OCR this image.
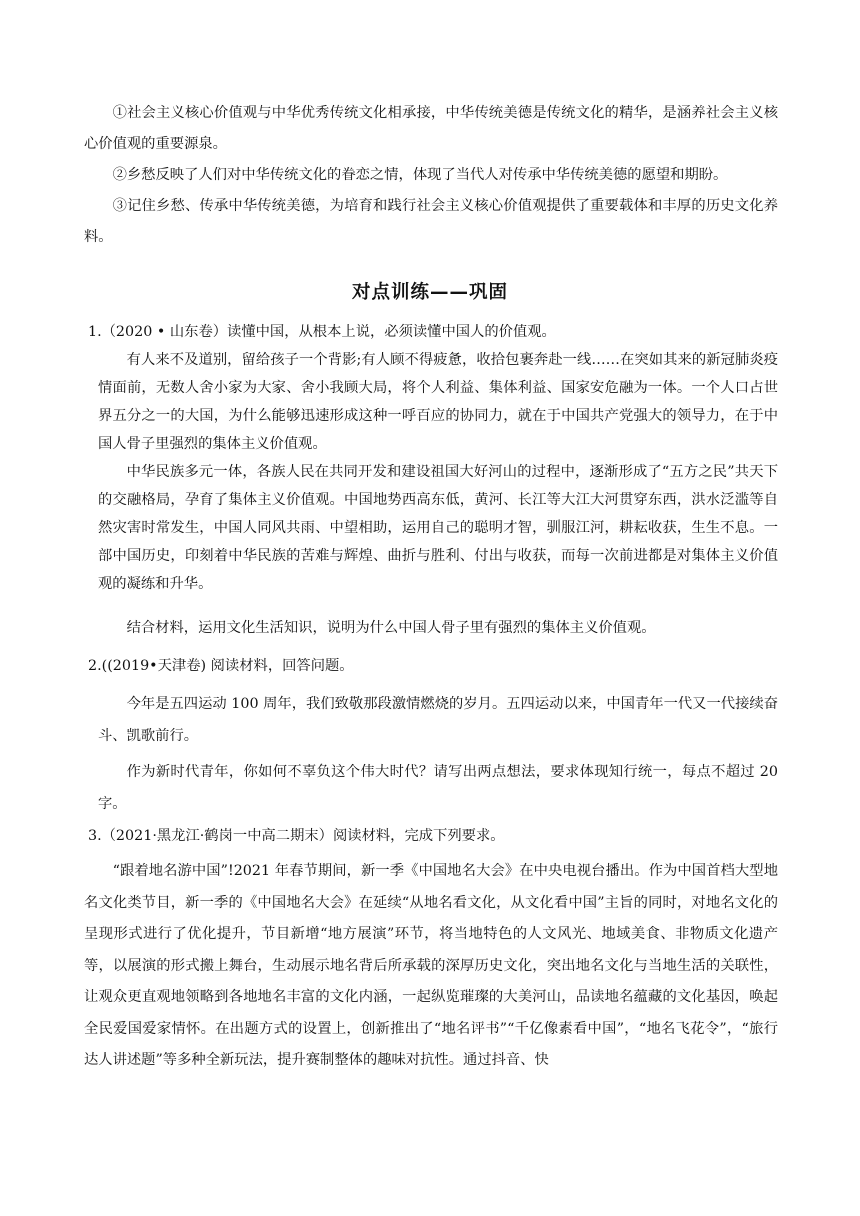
①社会主义核心价值观与中华优秀传统文化相承接，中华传统美德是传统文化的精华，是涵养社会主义核心价值观的重要源泉。

②乡愁反映了人们对中华传统文化的眷恋之情，体现了当代人对传承中华传统美德的愿望和期盼。

③记住乡愁、传承中华传统美德，为培育和践行社会主义核心价值观提供了重要载体和丰厚的历史文化养料。

对点训练——巩固

1.（2020 • 山东卷）读懂中国，从根本上说，必须读懂中国人的价值观。

有人来不及道别，留给孩子一个背影;有人顾不得疲惫，收拾包裹奔赴一线……在突如其来的新冠肺炎疫情面前，无数人舍小家为大家、舍小我顾大局，将个人利益、集体利益、国家安危融为一体。一个人口占世界五分之一的大国，为什么能够迅速形成这种一呼百应的协同力，就在于中国共产党强大的领导力，在于中国人骨子里强烈的集体主义价值观。

中华民族多元一体，各族人民在共同开发和建设祖国大好河山的过程中，逐渐形成了“五方之民”共天下的交融格局，孕育了集体主义价值观。中国地势西高东低，黄河、长江等大江大河贯穿东西，洪水泛滥等自然灾害时常发生，中国人同风共雨、中望相助，运用自己的聪明才智，驯服江河，耕耘收获，生生不息。一部中国历史，印刻着中华民族的苦难与辉煌、曲折与胜利、付出与收获，而每一次前进都是对集体主义价值观的凝练和升华。

结合材料，运用文化生活知识，说明为什么中国人骨子里有强烈的集体主义价值观。

2.((2019•天津卷) 阅读材料，回答问题。

今年是五四运动 100 周年，我们致敬那段激情燃烧的岁月。五四运动以来，中国青年一代又一代接续奋斗、凯歌前行。

作为新时代青年，你如何不辜负这个伟大时代？请写出两点想法，要求体现知行统一，每点不超过 20 字。

3.（2021·黑龙江·鹤岗一中高二期末）阅读材料，完成下列要求。

“跟着地名游中国”!2021 年春节期间，新一季《中国地名大会》在中央电视台播出。作为中国首档大型地名文化类节目，新一季的《中国地名大会》在延续“从地名看文化，从文化看中国”主旨的同时，对地名文化的呈现形式进行了优化提升，节目新增“地方展演”环节，将当地特色的人文风光、地域美食、非物质文化遗产等，以展演的形式搬上舞台，生动展示地名背后所承载的深厚历史文化，突出地名文化与当地生活的关联性，让观众更直观地领略到各地地名丰富的文化内涵，一起纵览璀璨的大美河山，品读地名蕴藏的文化基因，唤起全民爱国爱家情怀。在出题方式的设置上，创新推出了“地名评书”“千亿像素看中国”，“地名飞花令”，“旅行达人讲述题”等多种全新玩法，提升赛制整体的趣味对抗性。通过抖音、快
